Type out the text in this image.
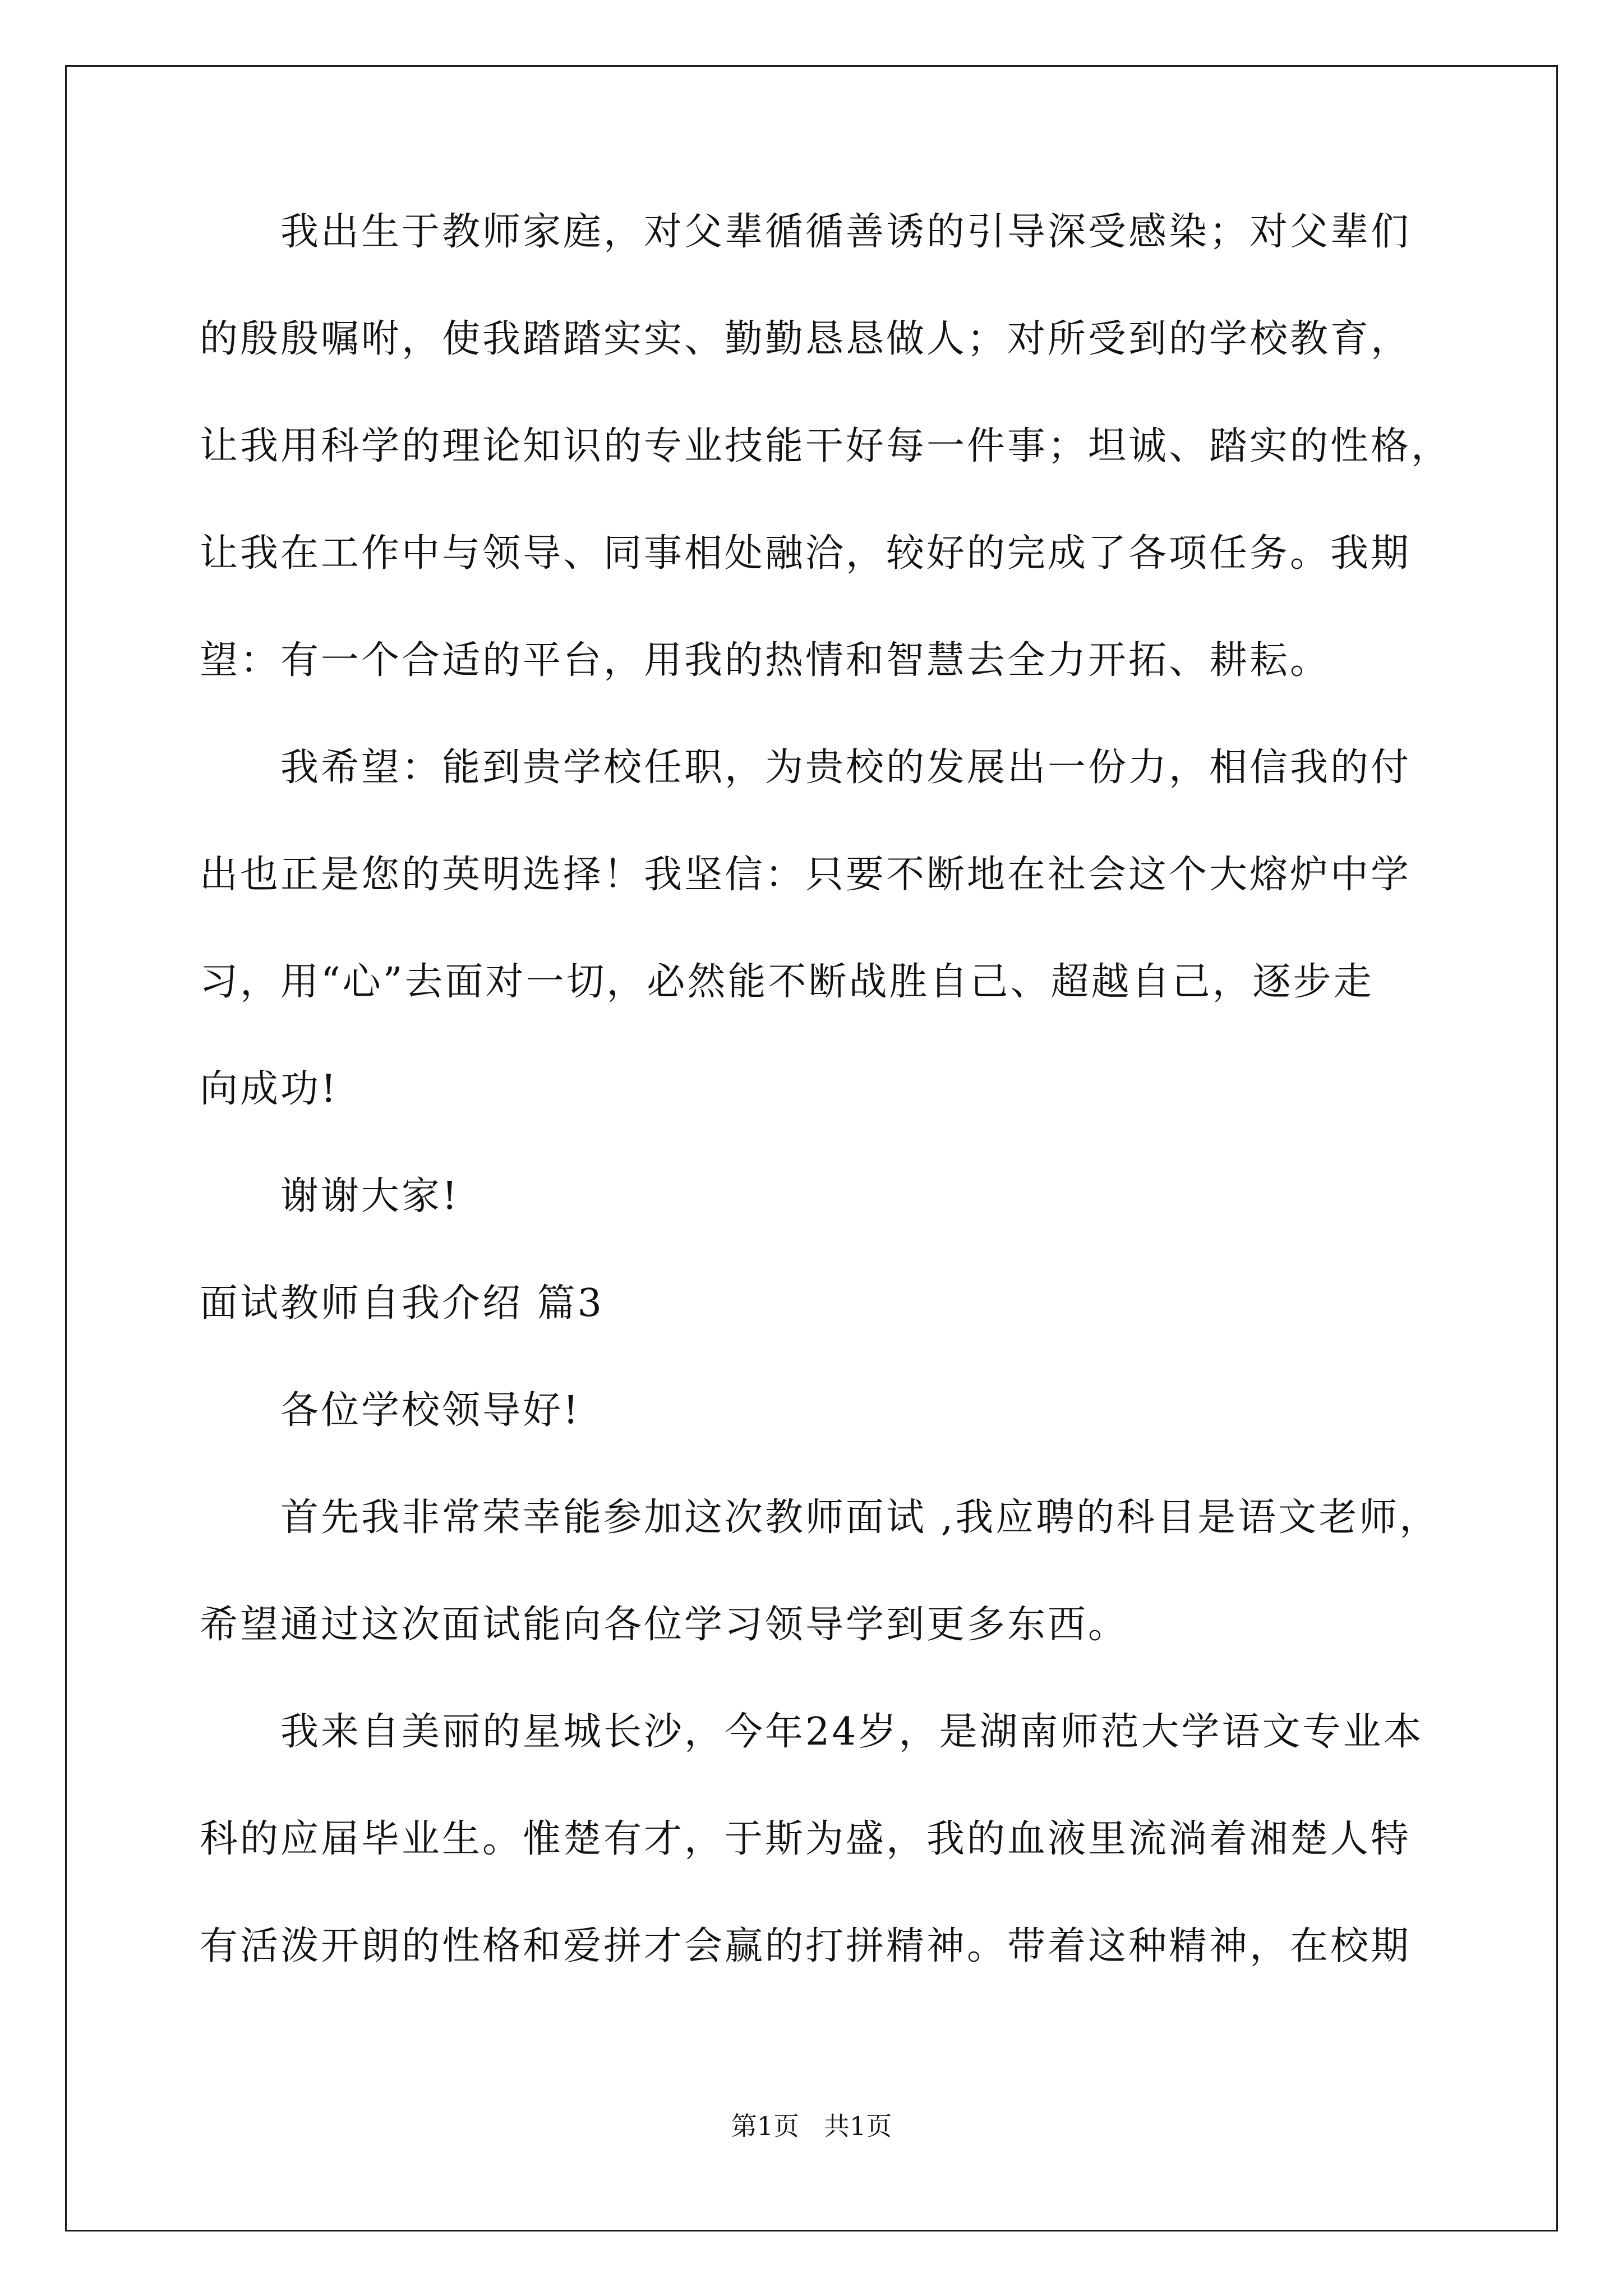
我出生于教师家庭，对父辈循循善诱的引导深受感染；对父辈们
的殷殷嘱咐，使我踏踏实实、勤勤恳恳做人；对所受到的学校教育，
让我用科学的理论知识的专业技能干好每一件事；坦诚、踏实的性格，
让我在工作中与领导、同事相处融洽，较好的完成了各项任务。我期
望：有一个合适的平台，用我的热情和智慧去全力开拓、耕耘。
我希望：能到贵学校任职，为贵校的发展出一份力，相信我的付
出也正是您的英明选择！我坚信：只要不断地在社会这个大熔炉中学
习，用“心”去面对一切，必然能不断战胜自己、超越自己，逐步走
向成功!
谢谢大家!
面试教师自我介绍 篇3
各位学校领导好!
首先我非常荣幸能参加这次教师面试 ,我应聘的科目是语文老师，
希望通过这次面试能向各位学习领导学到更多东西。
我来自美丽的星城长沙，今年24岁，是湖南师范大学语文专业本
科的应届毕业生。惟楚有才，于斯为盛，我的血液里流淌着湘楚人特
有活泼开朗的性格和爱拼才会赢的打拼精神。带着这种精神，在校期
第1页 共1页
